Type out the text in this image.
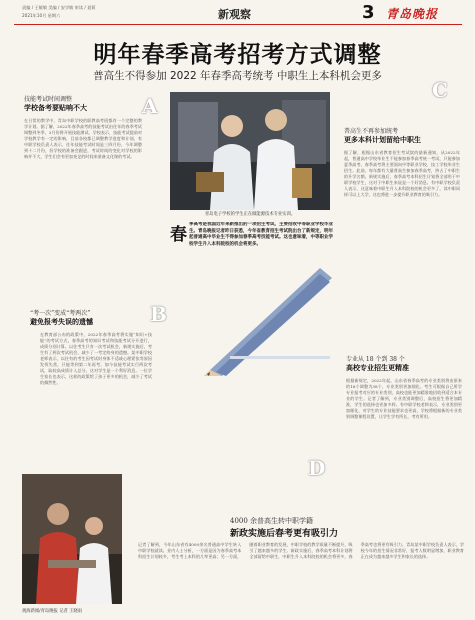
责编 / 王敏敏 美编 / 安学敏 审读 / 聂莉
2021年10月 星期六	新观察	3 青岛晚报
明年春季高考招考方式调整
普高生不得参加 2022 年春季高考统考 中职生上本科机会更多
青岛电子学校的学生正在做能源技术专业实训。
春
季高考是我国近年来新推出的一项招生考试，主要招收中等职业学校毕业生。青岛晚报记者昨日获悉，今年省教育招生考试院出台了新规定，明年起普通高中毕业生不得参加春季高考技能考试。这也意味着，中等职业学校学生升入本科院校的机会将更多。
技能考试时间调整
学校备考要贴响不大	A
在日常的教学中，青岛中职学校的职教高考班都有一个完整的教学计划。据了解，2022年春季高考的技能考试由往年的春季考试调整到冬季，3月份将开展技能测试。学校表示，技能考试提前对学校教学有一定的影响，目前各校都已调整教学进度和计划。有中职学校负责人表示，往年技能考试时间是三四月份，今年调整到十二月份，但学校的准备会跟进，考试时间的变化对学校的影响并不大，学生们会有更加充足的时间来准备文化课的考试。
C
普高生不再参加统考
更多本科计划留给中职生
据了解，根据山东省教育招生考试院的最新通知，从2022年起，普通高中学校毕业生不能参加春季高考统一考试，只能参加夏季高考。春季高考将主要面向中等职业学校、技工学校毕业生招生。此前，每年都有大量普高生参加春季高考，挤占了中职生的升学名额。新规实施后，春季高考本科招生计划将全部用于中职学校学生，这对于中职生来说是一个好消息。有中职学校负责人表示，这意味着中职生升入本科院校的机会更多了，读中职同样可以上大学，这也将进一步提升职业教育的吸引力。
“考一次”变成“考两次”
避免报考失误的遗憾	B
在教育部公布的政策中，2022年春季高考将实施“知识+技能”的考试方式，春季高考的知识考试和技能考试分开进行，成绩分别计算。以往考生只有一次考试机会，新规实施后，考生有了两次考试机会，减少了一考定终身的遗憾。某中职学校老师表示，以往有的考生因考试时身体不适或心理紧张等原因发挥失常，只能等到第二年再考，如今技能考试实行两次考试，取较高成绩计入总分，这对学生是一个利好消息。一位学生家长也表示，这样的政策给了孩子更多的机会，减少了考试的偶然性。
专业从 18 个到 38 个
高校专业招生更精准
根据新规定，2022年起，山东省春季高考的专业类别将由原来的18个调整为38个，专业类别更加细化。考生可根据自己所学专业报考对应的专业类别，高校也能更加精准地招收到适合本专业的学生。记者了解到，专业类别调整后，高校招生将更加精准，学生的选择也更加多样。有中职学校老师表示，专业类别更加细化，对学生的专业技能要求也更高，学校将根据新的专业类别调整课程设置，让学生学有所长，考有所用。
D
观海新闻/青岛晚报 记者 王晓雨
4000 余普高生转中职学籍
新政实施后春考更有吸引力
记者了解到，今年山东省有4000余名普通高中学生转入中职学校就读。业内人士分析，一方面是因为春季高考本科招生计划较多，考生考上本科的几率更高；另一方面，随着职业教育的发展，中职学校的教学质量不断提升，吸引了越来越多的学生。新政实施后，春季高考本科计划将全部留给中职生，中职生升入本科院校的机会将更多，春季高考也将更有吸引力。青岛某中职学校负责人表示，学校今年的招生情况非常好，报考人数明显增加，职业教育正在成为越来越多学生和家长的选择。
